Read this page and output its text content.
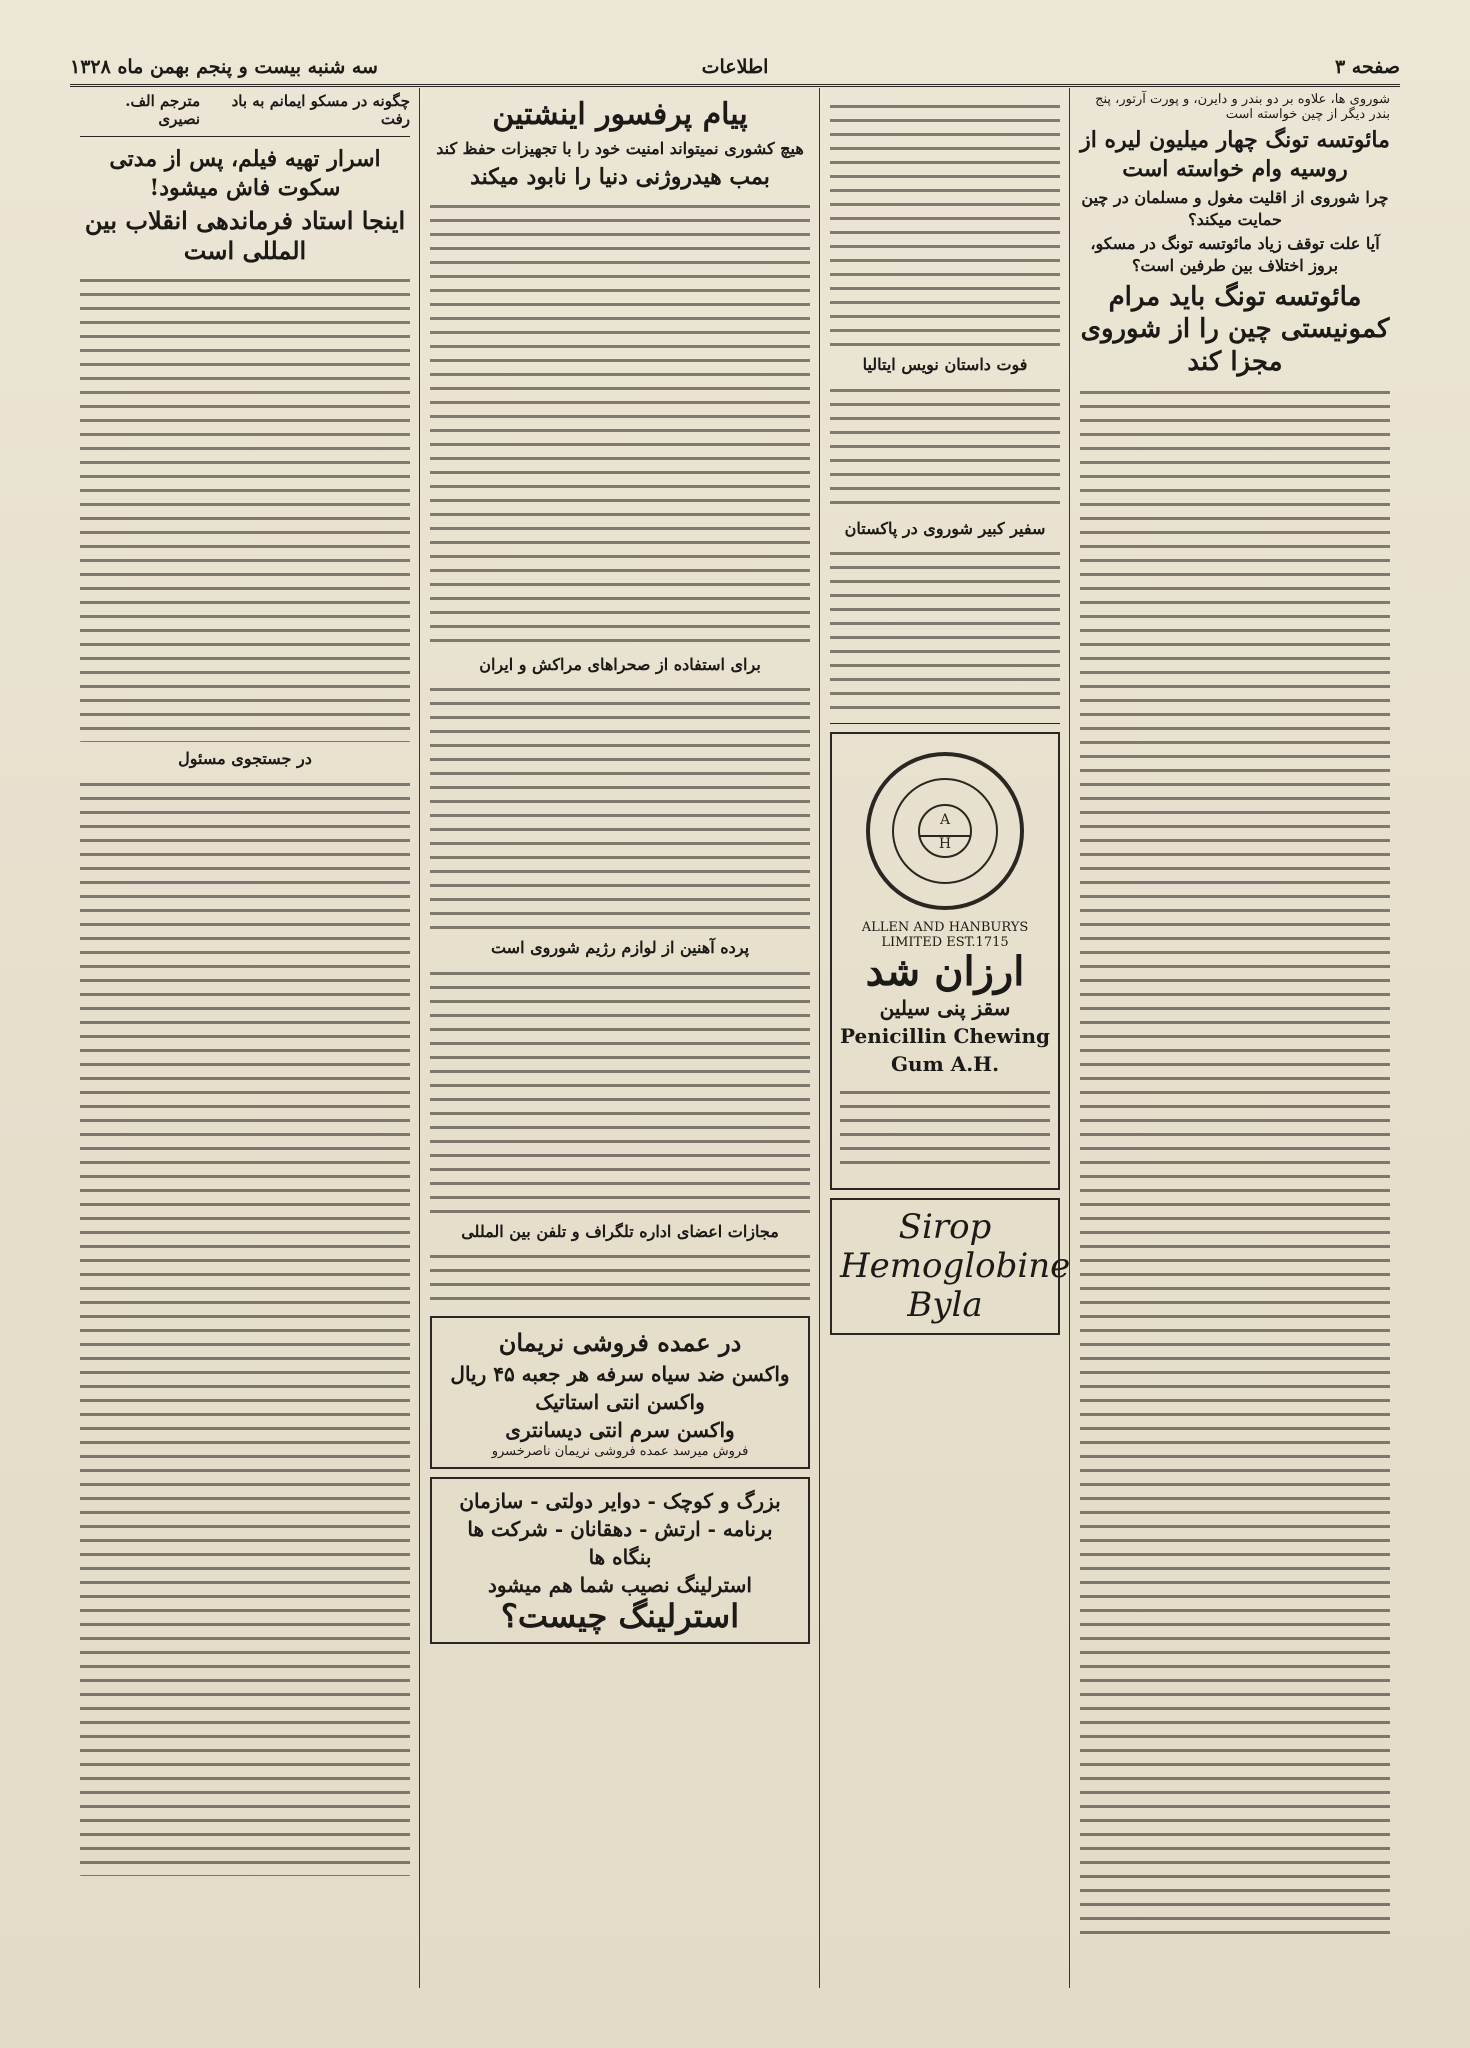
صفحه ۳
اطلاعات
سه شنبه بیست و پنجم بهمن ماه ۱۳۲۸
شوروی ها، علاوه بر دو بندر و دایرن، و پورت آرتور، پنج بندر دیگر از چین خواسته است
مائوتسه تونگ چهار میلیون لیره از روسیه وام خواسته است
چرا شوروی از اقلیت مغول و مسلمان در چین حمایت میکند؟
آیا علت توقف زیاد مائوتسه تونگ در مسکو، بروز اختلاف بین طرفین است؟
مائوتسه تونگ باید مرام کمونیستی چین را از شوروی مجزا کند
فوت داستان نویس ایتالیا
سفیر کبیر شوروی در پاکستان
A
H
ALLEN AND HANBURYS LIMITED EST.1715
ارزان شد
سقز پنی سیلین
Penicillin Chewing
Gum A.H.
Sirop
Hemoglobine
Byla
پیام پرفسور اینشتین
هیچ کشوری نمیتواند امنیت خود را با تجهیزات حفظ کند
بمب هیدروژنی دنیا را نابود میکند
برای استفاده از صحراهای مراکش و ایران
پرده آهنین از لوازم رژیم شوروی است
مجازات اعضای اداره تلگراف و تلفن بین المللی
در عمده فروشی نریمان
واکسن ضد سیاه سرفه هر جعبه ۴۵ ریال
واکسن انتی استاتیک
واکسن سرم انتی دیسانتری
فروش میرسد عمده فروشی نریمان ناصرخسرو
بزرگ و کوچک - دوایر دولتی - سازمان
برنامه - ارتش - دهقانان - شرکت ها
بنگاه ها
استرلینگ نصیب شما هم میشود
استرلینگ چیست؟
چگونه در مسکو ایمانم به باد رفت
مترجم الف. نصیری
اسرار تهیه فیلم، پس از مدتی سکوت فاش میشود!
اینجا استاد فرماندهی انقلاب بین المللی است
در جستجوی مسئول
